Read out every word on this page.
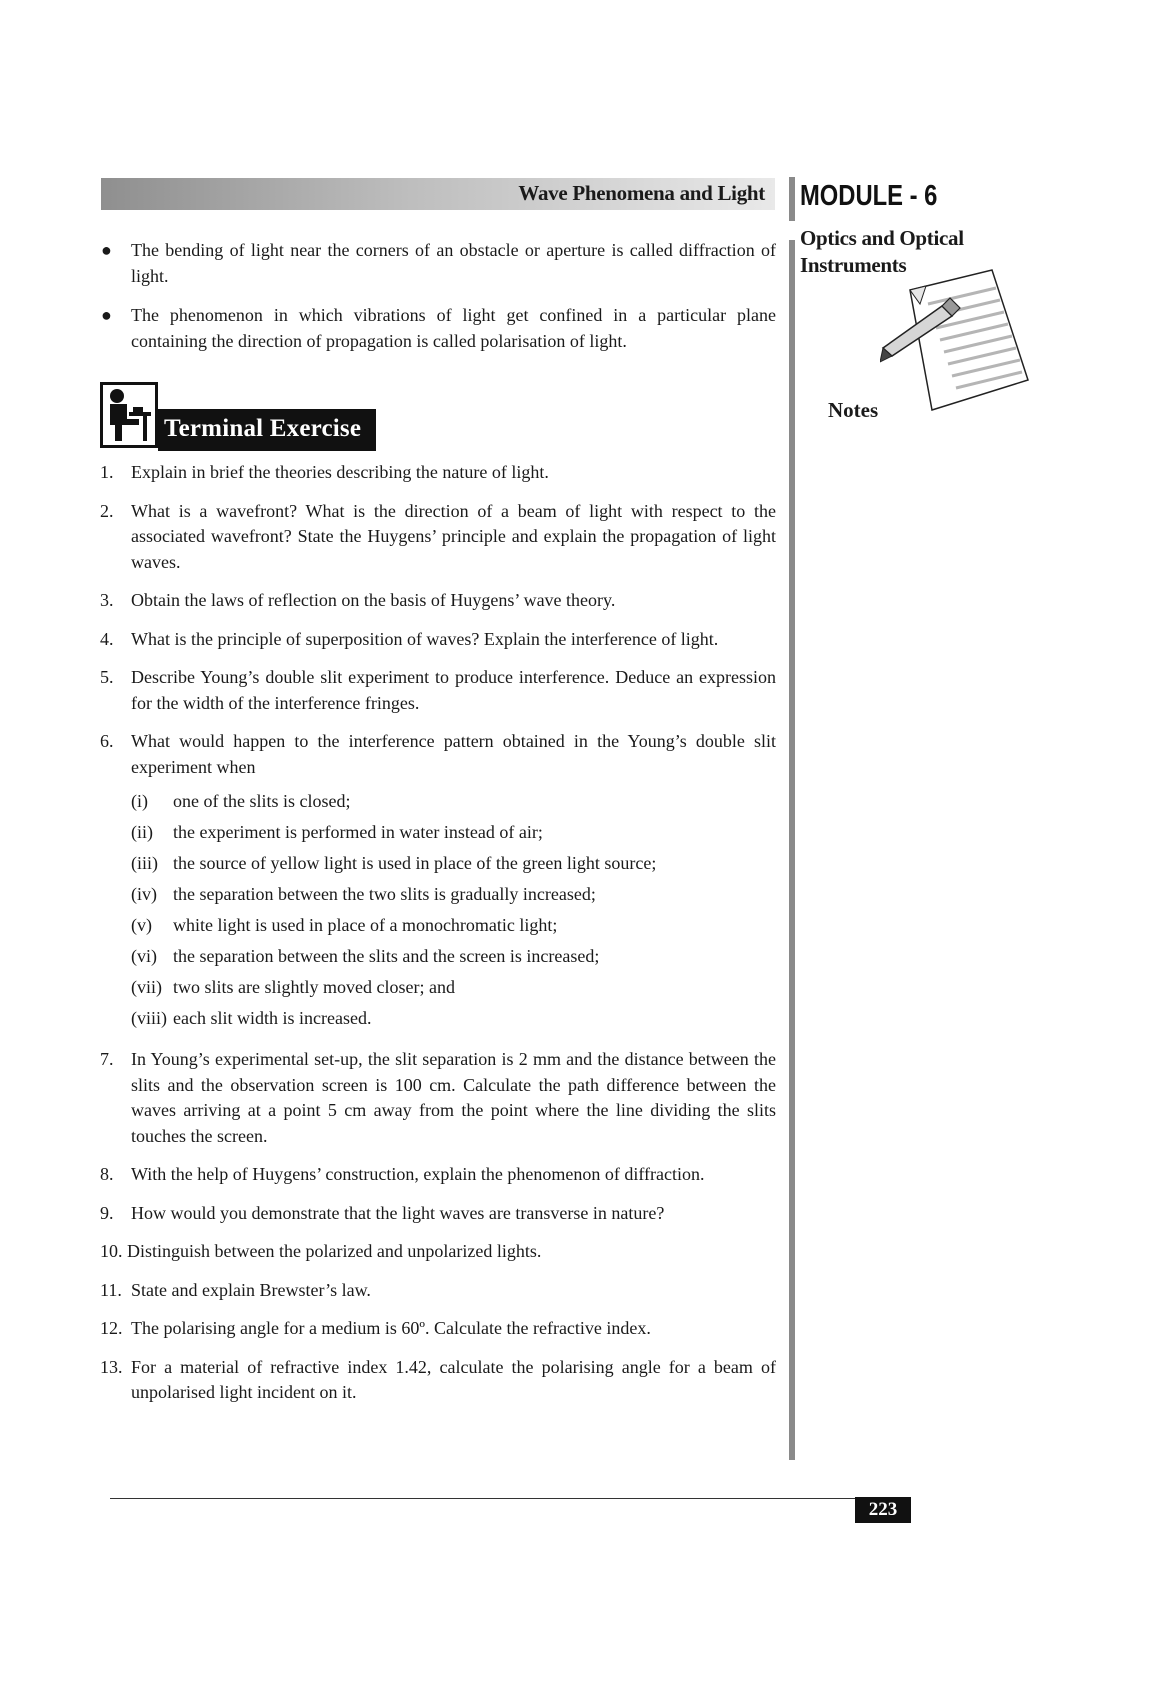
Wave Phenomena and Light MODULE - 6
Optics and Optical
Instruments
Notes
● The bending of light near the corners of an obstacle or aperture is called diffraction of light.
● The phenomenon in which vibrations of light get confined in a particular plane containing the direction of propagation is called polarisation of light.
Terminal Exercise
1. Explain in brief the theories describing the nature of light.
2. What is a wavefront? What is the direction of a beam of light with respect to the associated wavefront? State the Huygens’ principle and explain the propagation of light waves.
3. Obtain the laws of reflection on the basis of Huygens’ wave theory.
4. What is the principle of superposition of waves? Explain the interference of light.
5. Describe Young’s double slit experiment to produce interference. Deduce an expression for the width of the interference fringes.
6. What would happen to the interference pattern obtained in the Young’s double slit experiment when
(i) one of the slits is closed;
(ii) the experiment is performed in water instead of air;
(iii) the source of yellow light is used in place of the green light source;
(iv) the separation between the two slits is gradually increased;
(v) white light is used in place of a monochromatic light;
(vi) the separation between the slits and the screen is increased;
(vii) two slits are slightly moved closer; and
(viii) each slit width is increased.
7. In Young’s experimental set-up, the slit separation is 2 mm and the distance between the slits and the observation screen is 100 cm. Calculate the path difference between the waves arriving at a point 5 cm away from the point where the line dividing the slits touches the screen.
8. With the help of Huygens’ construction, explain the phenomenon of diffraction.
9. How would you demonstrate that the light waves are transverse in nature?
10. Distinguish between the polarized and unpolarized lights.
11. State and explain Brewster’s law.
12. The polarising angle for a medium is 60º. Calculate the refractive index.
13. For a material of refractive index 1.42, calculate the polarising angle for a beam of unpolarised light incident on it.
223
